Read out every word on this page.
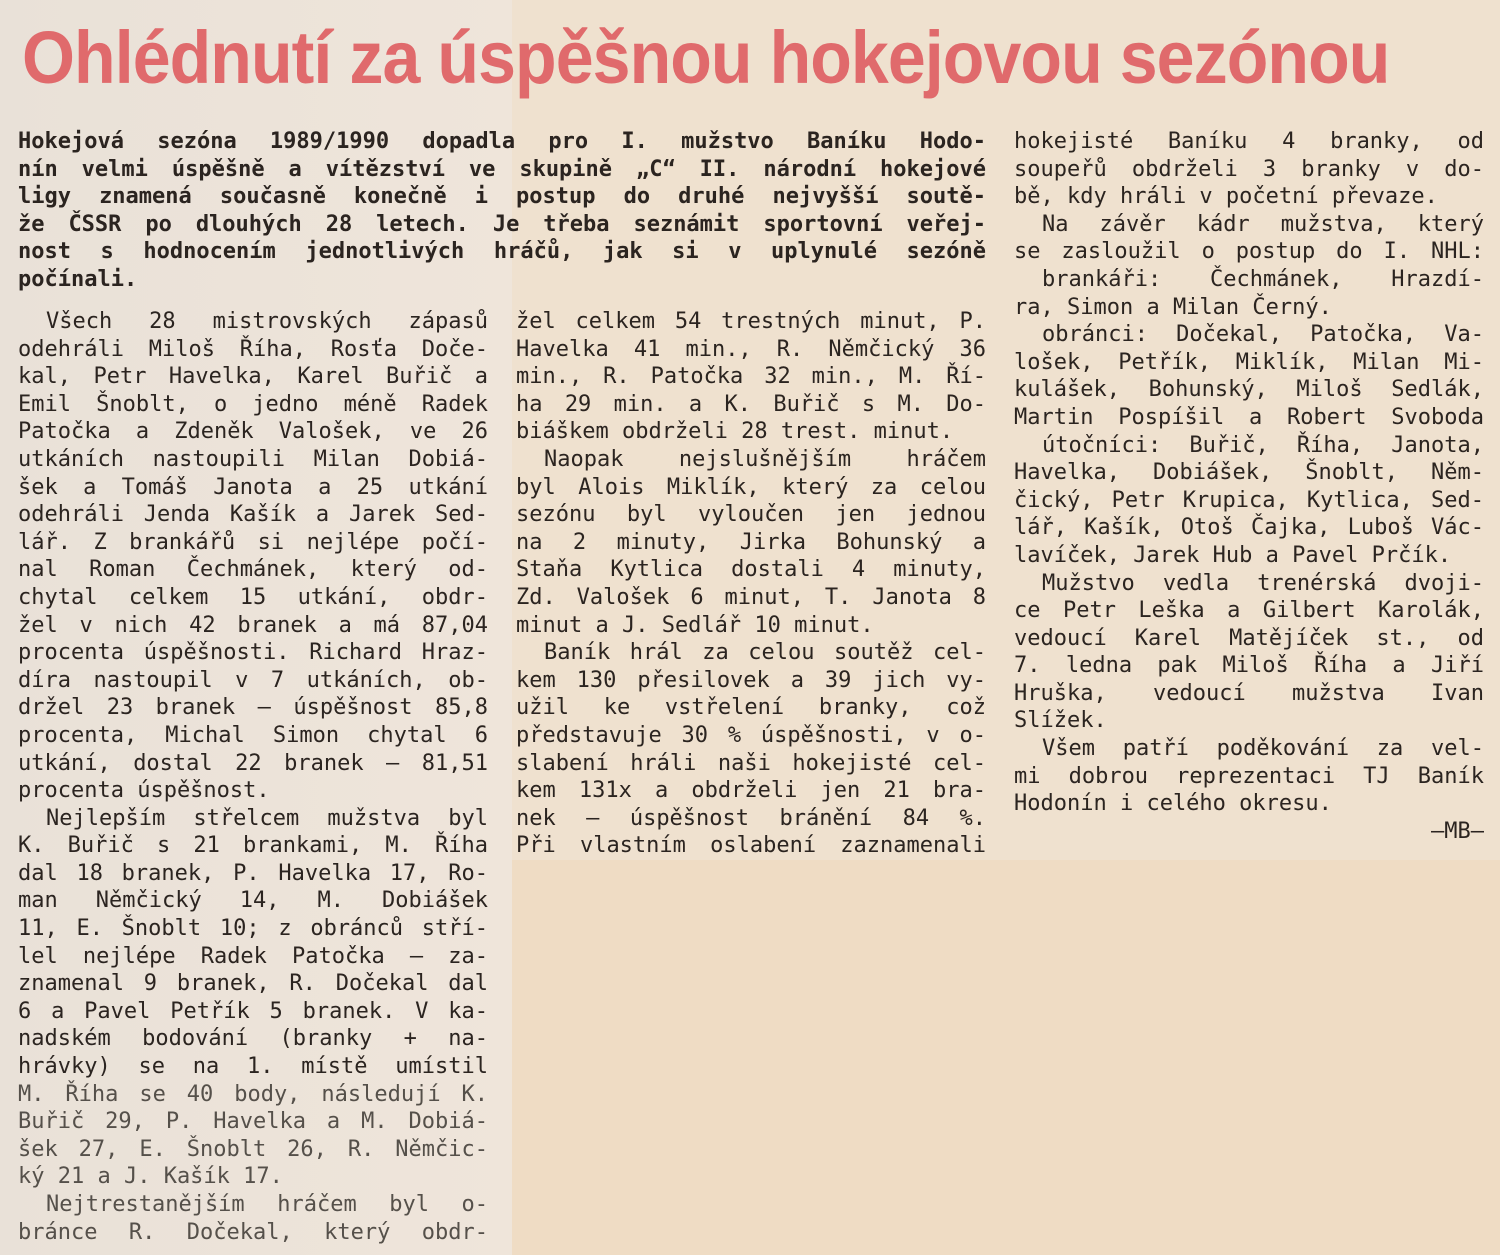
Ohlédnutí za úspěšnou hokejovou sezónou
Hokejová sezóna 1989/1990 dopadla pro I. mužstvo Baníku Hodo-
nín velmi úspěšně a vítězství ve skupině „C“ II. národní hokejové
ligy znamená současně konečně i postup do druhé nejvyšší soutě-
že ČSSR po dlouhých 28 letech. Je třeba seznámit sportovní veřej-
nost s hodnocením jednotlivých hráčů, jak si v uplynulé sezóně
počínali.
Všech 28 mistrovských zápasů
odehráli Miloš Říha, Rosťa Doče-
kal, Petr Havelka, Karel Buřič a
Emil Šnoblt, o jedno méně Radek
Patočka a Zdeněk Valošek, ve 26
utkáních nastoupili Milan Dobiá-
šek a Tomáš Janota a 25 utkání
odehráli Jenda Kašík a Jarek Sed-
lář. Z brankářů si nejlépe počí-
nal Roman Čechmánek, který od-
chytal celkem 15 utkání, obdr-
žel v nich 42 branek a má 87,04
procenta úspěšnosti. Richard Hraz-
díra nastoupil v 7 utkáních, ob-
držel 23 branek — úspěšnost 85,8
procenta, Michal Simon chytal 6
utkání, dostal 22 branek — 81,51
procenta úspěšnost.
Nejlepším střelcem mužstva byl
K. Buřič s 21 brankami, M. Říha
dal 18 branek, P. Havelka 17, Ro-
man Němčický 14, M. Dobiášek
11, E. Šnoblt 10; z obránců stří-
lel nejlépe Radek Patočka — za-
znamenal 9 branek, R. Dočekal dal
6 a Pavel Petřík 5 branek. V ka-
nadském bodování (branky + na-
hrávky) se na 1. místě umístil
M. Říha se 40 body, následují K.
Buřič 29, P. Havelka a M. Dobiá-
šek 27, E. Šnoblt 26, R. Němčic-
ký 21 a J. Kašík 17.
Nejtrestanějším hráčem byl o-
bránce R. Dočekal, který obdr-
žel celkem 54 trestných minut, P.
Havelka 41 min., R. Němčický 36
min., R. Patočka 32 min., M. Ří-
ha 29 min. a K. Buřič s M. Do-
biáškem obdrželi 28 trest. minut.
Naopak nejslušnějším hráčem
byl Alois Miklík, který za celou
sezónu byl vyloučen jen jednou
na 2 minuty, Jirka Bohunský a
Staňa Kytlica dostali 4 minuty,
Zd. Valošek 6 minut, T. Janota 8
minut a J. Sedlář 10 minut.
Baník hrál za celou soutěž cel-
kem 130 přesilovek a 39 jich vy-
užil ke vstřelení branky, což
představuje 30 % úspěšnosti, v o-
slabení hráli naši hokejisté cel-
kem 131x a obdrželi jen 21 bra-
nek — úspěšnost bránění 84 %.
Při vlastním oslabení zaznamenali
hokejisté Baníku 4 branky, od
soupeřů obdrželi 3 branky v do-
bě, kdy hráli v početní převaze.
Na závěr kádr mužstva, který
se zasloužil o postup do I. NHL:
brankáři: Čechmánek, Hrazdí-
ra, Simon a Milan Černý.
obránci: Dočekal, Patočka, Va-
lošek, Petřík, Miklík, Milan Mi-
kulášek, Bohunský, Miloš Sedlák,
Martin Pospíšil a Robert Svoboda
útočníci: Buřič, Říha, Janota,
Havelka, Dobiášek, Šnoblt, Něm-
čický, Petr Krupica, Kytlica, Sed-
lář, Kašík, Otoš Čajka, Luboš Vác-
lavíček, Jarek Hub a Pavel Prčík.
Mužstvo vedla trenérská dvoji-
ce Petr Leška a Gilbert Karolák,
vedoucí Karel Matějíček st., od
7. ledna pak Miloš Říha a Jiří
Hruška, vedoucí mužstva Ivan
Slížek.
Všem patří poděkování za vel-
mi dobrou reprezentaci TJ Baník
Hodonín i celého okresu.
—MB—
